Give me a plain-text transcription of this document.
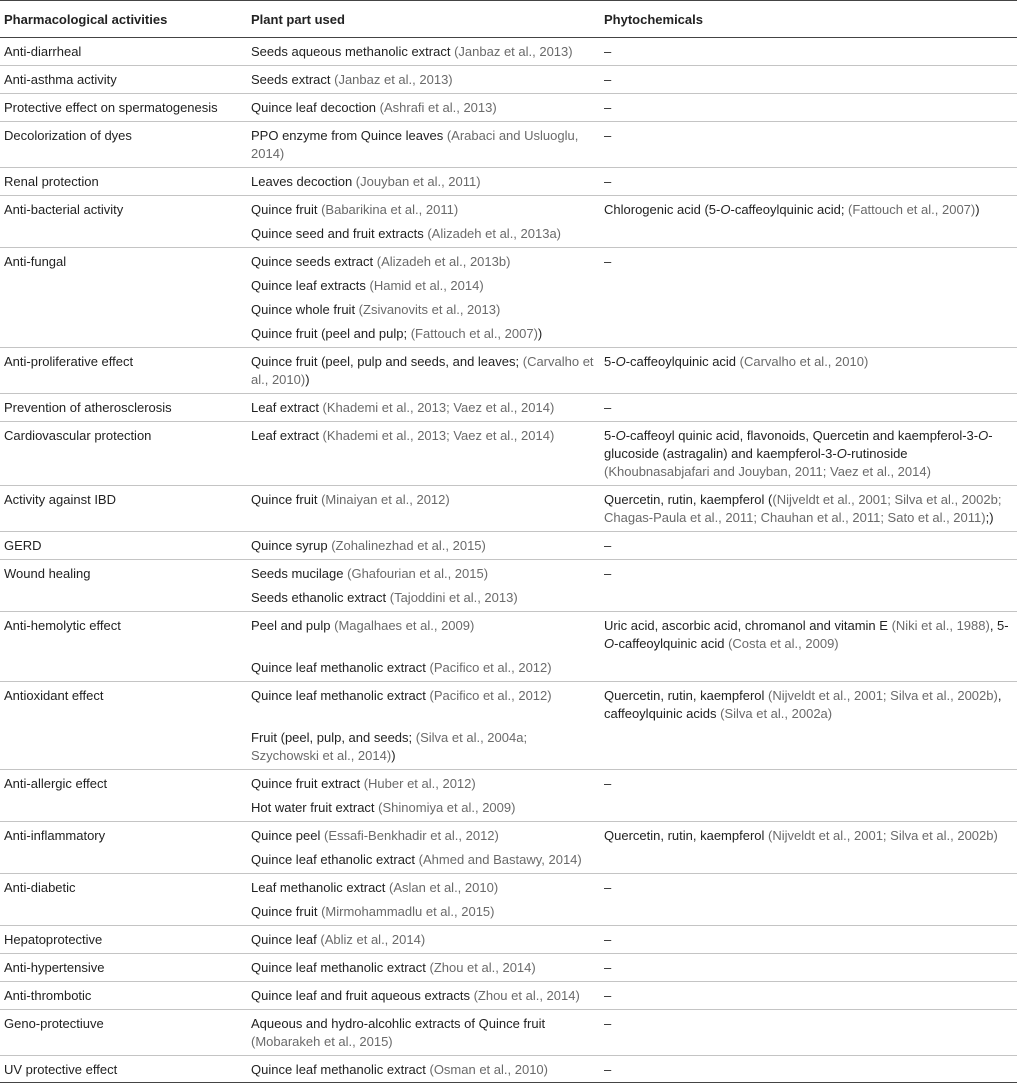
Pharmacological activities	Plant part used	Phytochemicals
Anti-diarrheal	Seeds aqueous methanolic extract (Janbaz et al., 2013)	–
Anti-asthma activity	Seeds extract (Janbaz et al., 2013)	–
Protective effect on spermatogenesis	Quince leaf decoction (Ashrafi et al., 2013)	–
Decolorization of dyes	PPO enzyme from Quince leaves (Arabaci and Usluoglu, 2014)	–
Renal protection	Leaves decoction (Jouyban et al., 2011)	–
Anti-bacterial activity	Quince fruit (Babarikina et al., 2011)	Chlorogenic acid (5-O-caffeoylquinic acid; (Fattouch et al., 2007))
	Quince seed and fruit extracts (Alizadeh et al., 2013a)	
Anti-fungal	Quince seeds extract (Alizadeh et al., 2013b)	–
	Quince leaf extracts (Hamid et al., 2014)	
	Quince whole fruit (Zsivanovits et al., 2013)	
	Quince fruit (peel and pulp; (Fattouch et al., 2007))	
Anti-proliferative effect	Quince fruit (peel, pulp and seeds, and leaves; (Carvalho et al., 2010))	5-O-caffeoylquinic acid (Carvalho et al., 2010)
Prevention of atherosclerosis	Leaf extract (Khademi et al., 2013; Vaez et al., 2014)	–
Cardiovascular protection	Leaf extract (Khademi et al., 2013; Vaez et al., 2014)	5-O-caffeoyl quinic acid, flavonoids, Quercetin and kaempferol-3-O-glucoside (astragalin) and kaempferol-3-O-rutinoside (Khoubnasabjafari and Jouyban, 2011; Vaez et al., 2014)
Activity against IBD	Quince fruit (Minaiyan et al., 2012)	Quercetin, rutin, kaempferol ((Nijveldt et al., 2001; Silva et al., 2002b; Chagas-Paula et al., 2011; Chauhan et al., 2011; Sato et al., 2011);)
GERD	Quince syrup (Zohalinezhad et al., 2015)	–
Wound healing	Seeds mucilage (Ghafourian et al., 2015)	–
	Seeds ethanolic extract (Tajoddini et al., 2013)	
Anti-hemolytic effect	Peel and pulp (Magalhaes et al., 2009)	Uric acid, ascorbic acid, chromanol and vitamin E (Niki et al., 1988), 5-O-caffeoylquinic acid (Costa et al., 2009)
	Quince leaf methanolic extract (Pacifico et al., 2012)	
Antioxidant effect	Quince leaf methanolic extract (Pacifico et al., 2012)	Quercetin, rutin, kaempferol (Nijveldt et al., 2001; Silva et al., 2002b), caffeoylquinic acids (Silva et al., 2002a)
	Fruit (peel, pulp, and seeds; (Silva et al., 2004a; Szychowski et al., 2014))	
Anti-allergic effect	Quince fruit extract (Huber et al., 2012)	–
	Hot water fruit extract (Shinomiya et al., 2009)	
Anti-inflammatory	Quince peel (Essafi-Benkhadir et al., 2012)	Quercetin, rutin, kaempferol (Nijveldt et al., 2001; Silva et al., 2002b)
	Quince leaf ethanolic extract (Ahmed and Bastawy, 2014)	
Anti-diabetic	Leaf methanolic extract (Aslan et al., 2010)	–
	Quince fruit (Mirmohammadlu et al., 2015)	
Hepatoprotective	Quince leaf (Abliz et al., 2014)	–
Anti-hypertensive	Quince leaf methanolic extract (Zhou et al., 2014)	–
Anti-thrombotic	Quince leaf and fruit aqueous extracts (Zhou et al., 2014)	–
Geno-protectiuve	Aqueous and hydro-alcohlic extracts of Quince fruit (Mobarakeh et al., 2015)	–
UV protective effect	Quince leaf methanolic extract (Osman et al., 2010)	–
